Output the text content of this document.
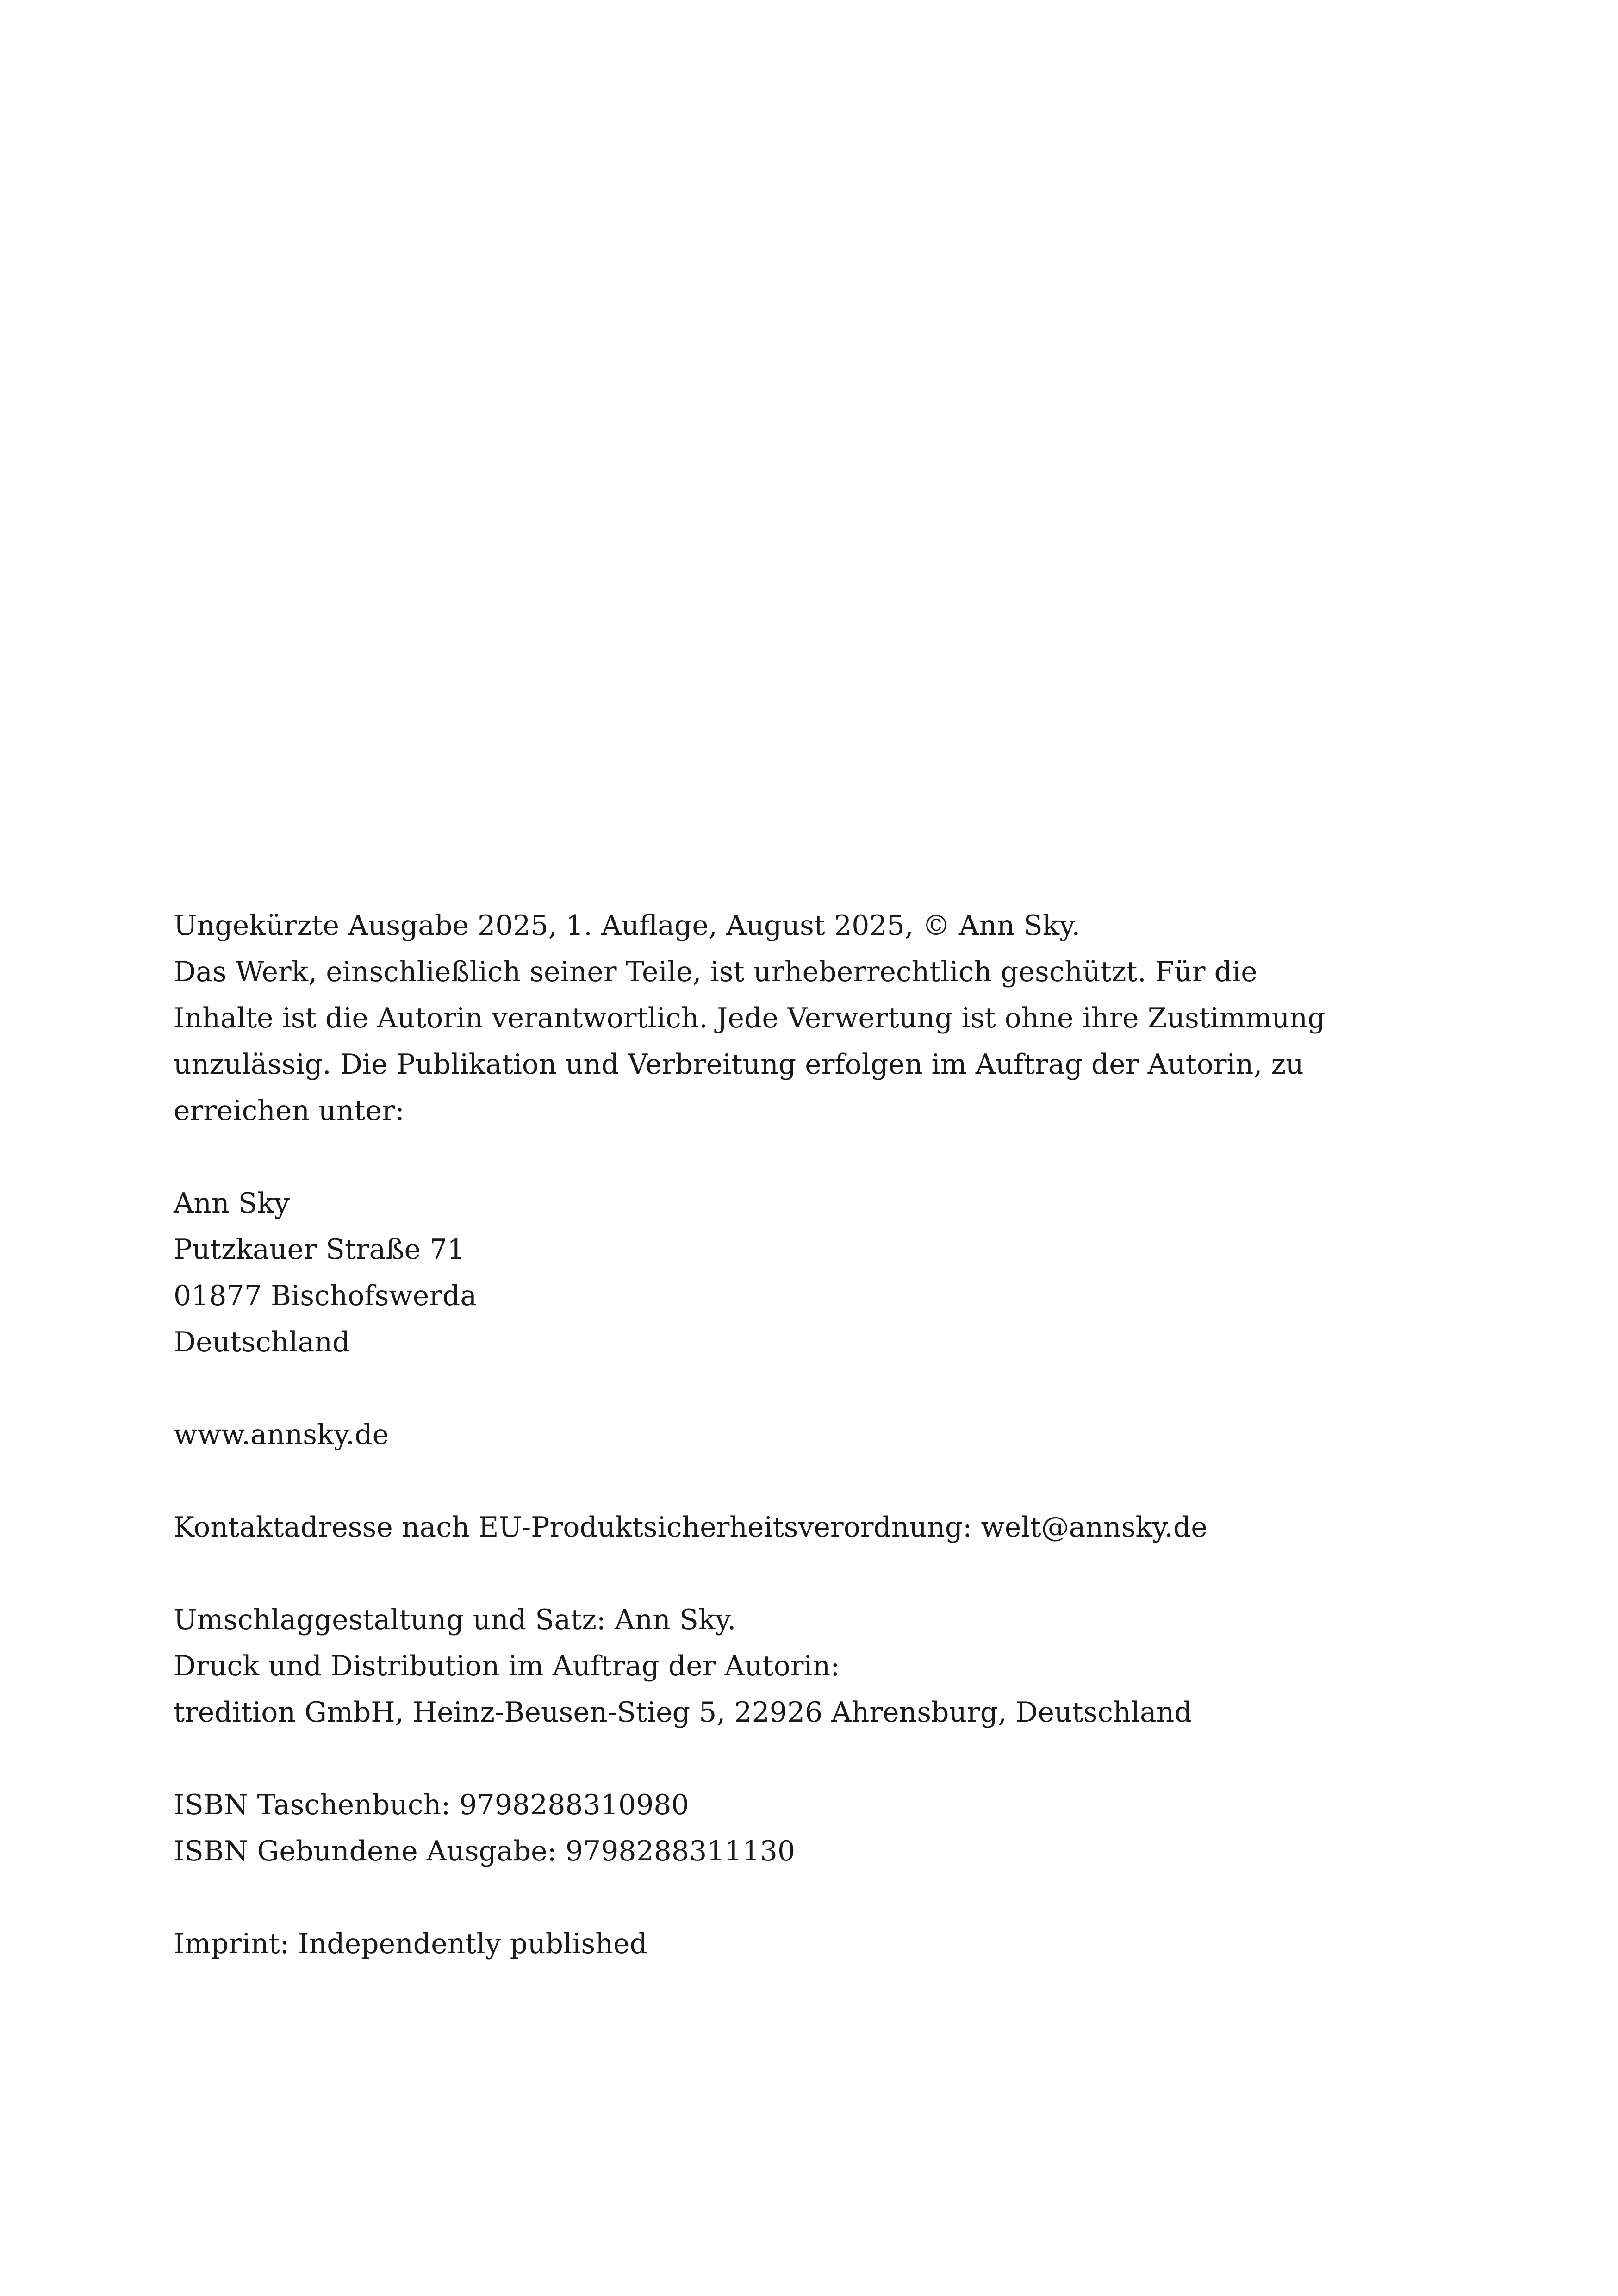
Ungekürzte Ausgabe 2025, 1. Auflage, August 2025, © Ann Sky.
Das Werk, einschließlich seiner Teile, ist urheberrechtlich geschützt. Für die
Inhalte ist die Autorin verantwortlich. Jede Verwertung ist ohne ihre Zustimmung
unzulässig. Die Publikation und Verbreitung erfolgen im Auftrag der Autorin, zu
erreichen unter:
Ann Sky
Putzkauer Straße 71
01877 Bischofswerda
Deutschland
www.annsky.de
Kontaktadresse nach EU-Produktsicherheitsverordnung: welt@annsky.de
Umschlaggestaltung und Satz: Ann Sky.
Druck und Distribution im Auftrag der Autorin:
tredition GmbH, Heinz-Beusen-Stieg 5, 22926 Ahrensburg, Deutschland
ISBN Taschenbuch: 9798288310980
ISBN Gebundene Ausgabe: 9798288311130
Imprint: Independently published
